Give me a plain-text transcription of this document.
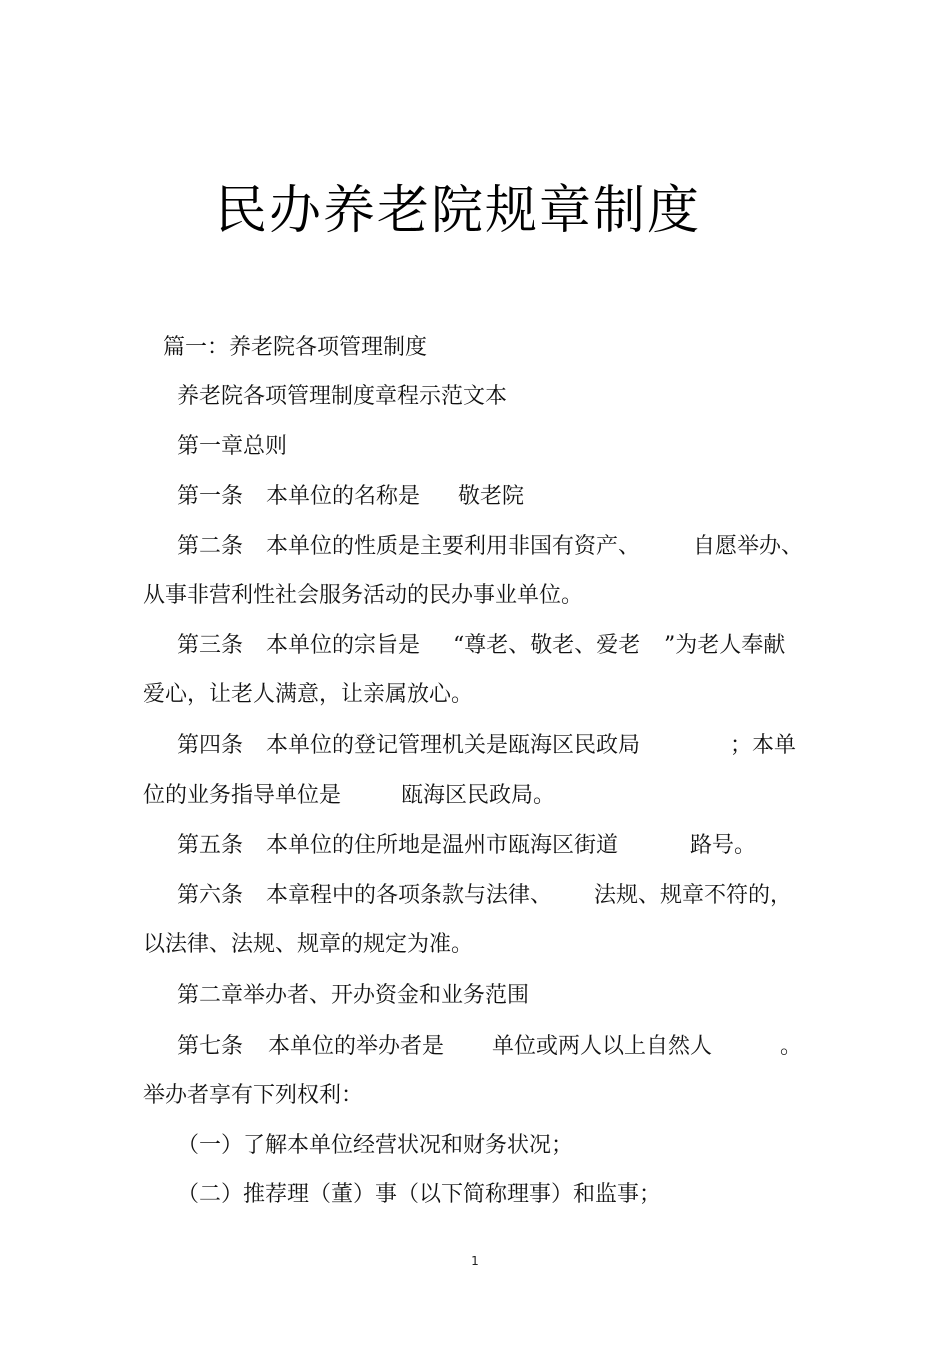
民办养老院规章制度
篇一：养老院各项管理制度
养老院各项管理制度章程示范文本
第一章总则
第一条 本单位的名称是 敬老院
第二条 本单位的性质是主要利用非国有资产、 自愿举办、
从事非营利性社会服务活动的民办事业单位。
第三条 本单位的宗旨是 “尊老、敬老、爱老 ”为老人奉献
爱心，让老人满意，让亲属放心。
第四条 本单位的登记管理机关是瓯海区民政局	；本单
位的业务指导单位是	瓯海区民政局。
第五条 本单位的住所地是温州市瓯海区街道	路号。
第六条 本章程中的各项条款与法律、 法规、规章不符的，
以法律、法规、规章的规定为准。
第二章举办者、开办资金和业务范围
第七条 本单位的举办者是 单位或两人以上自然人	。
举办者享有下列权利：
（一）了解本单位经营状况和财务状况；
（二）推荐理（董）事（以下简称理事）和监事；
1
